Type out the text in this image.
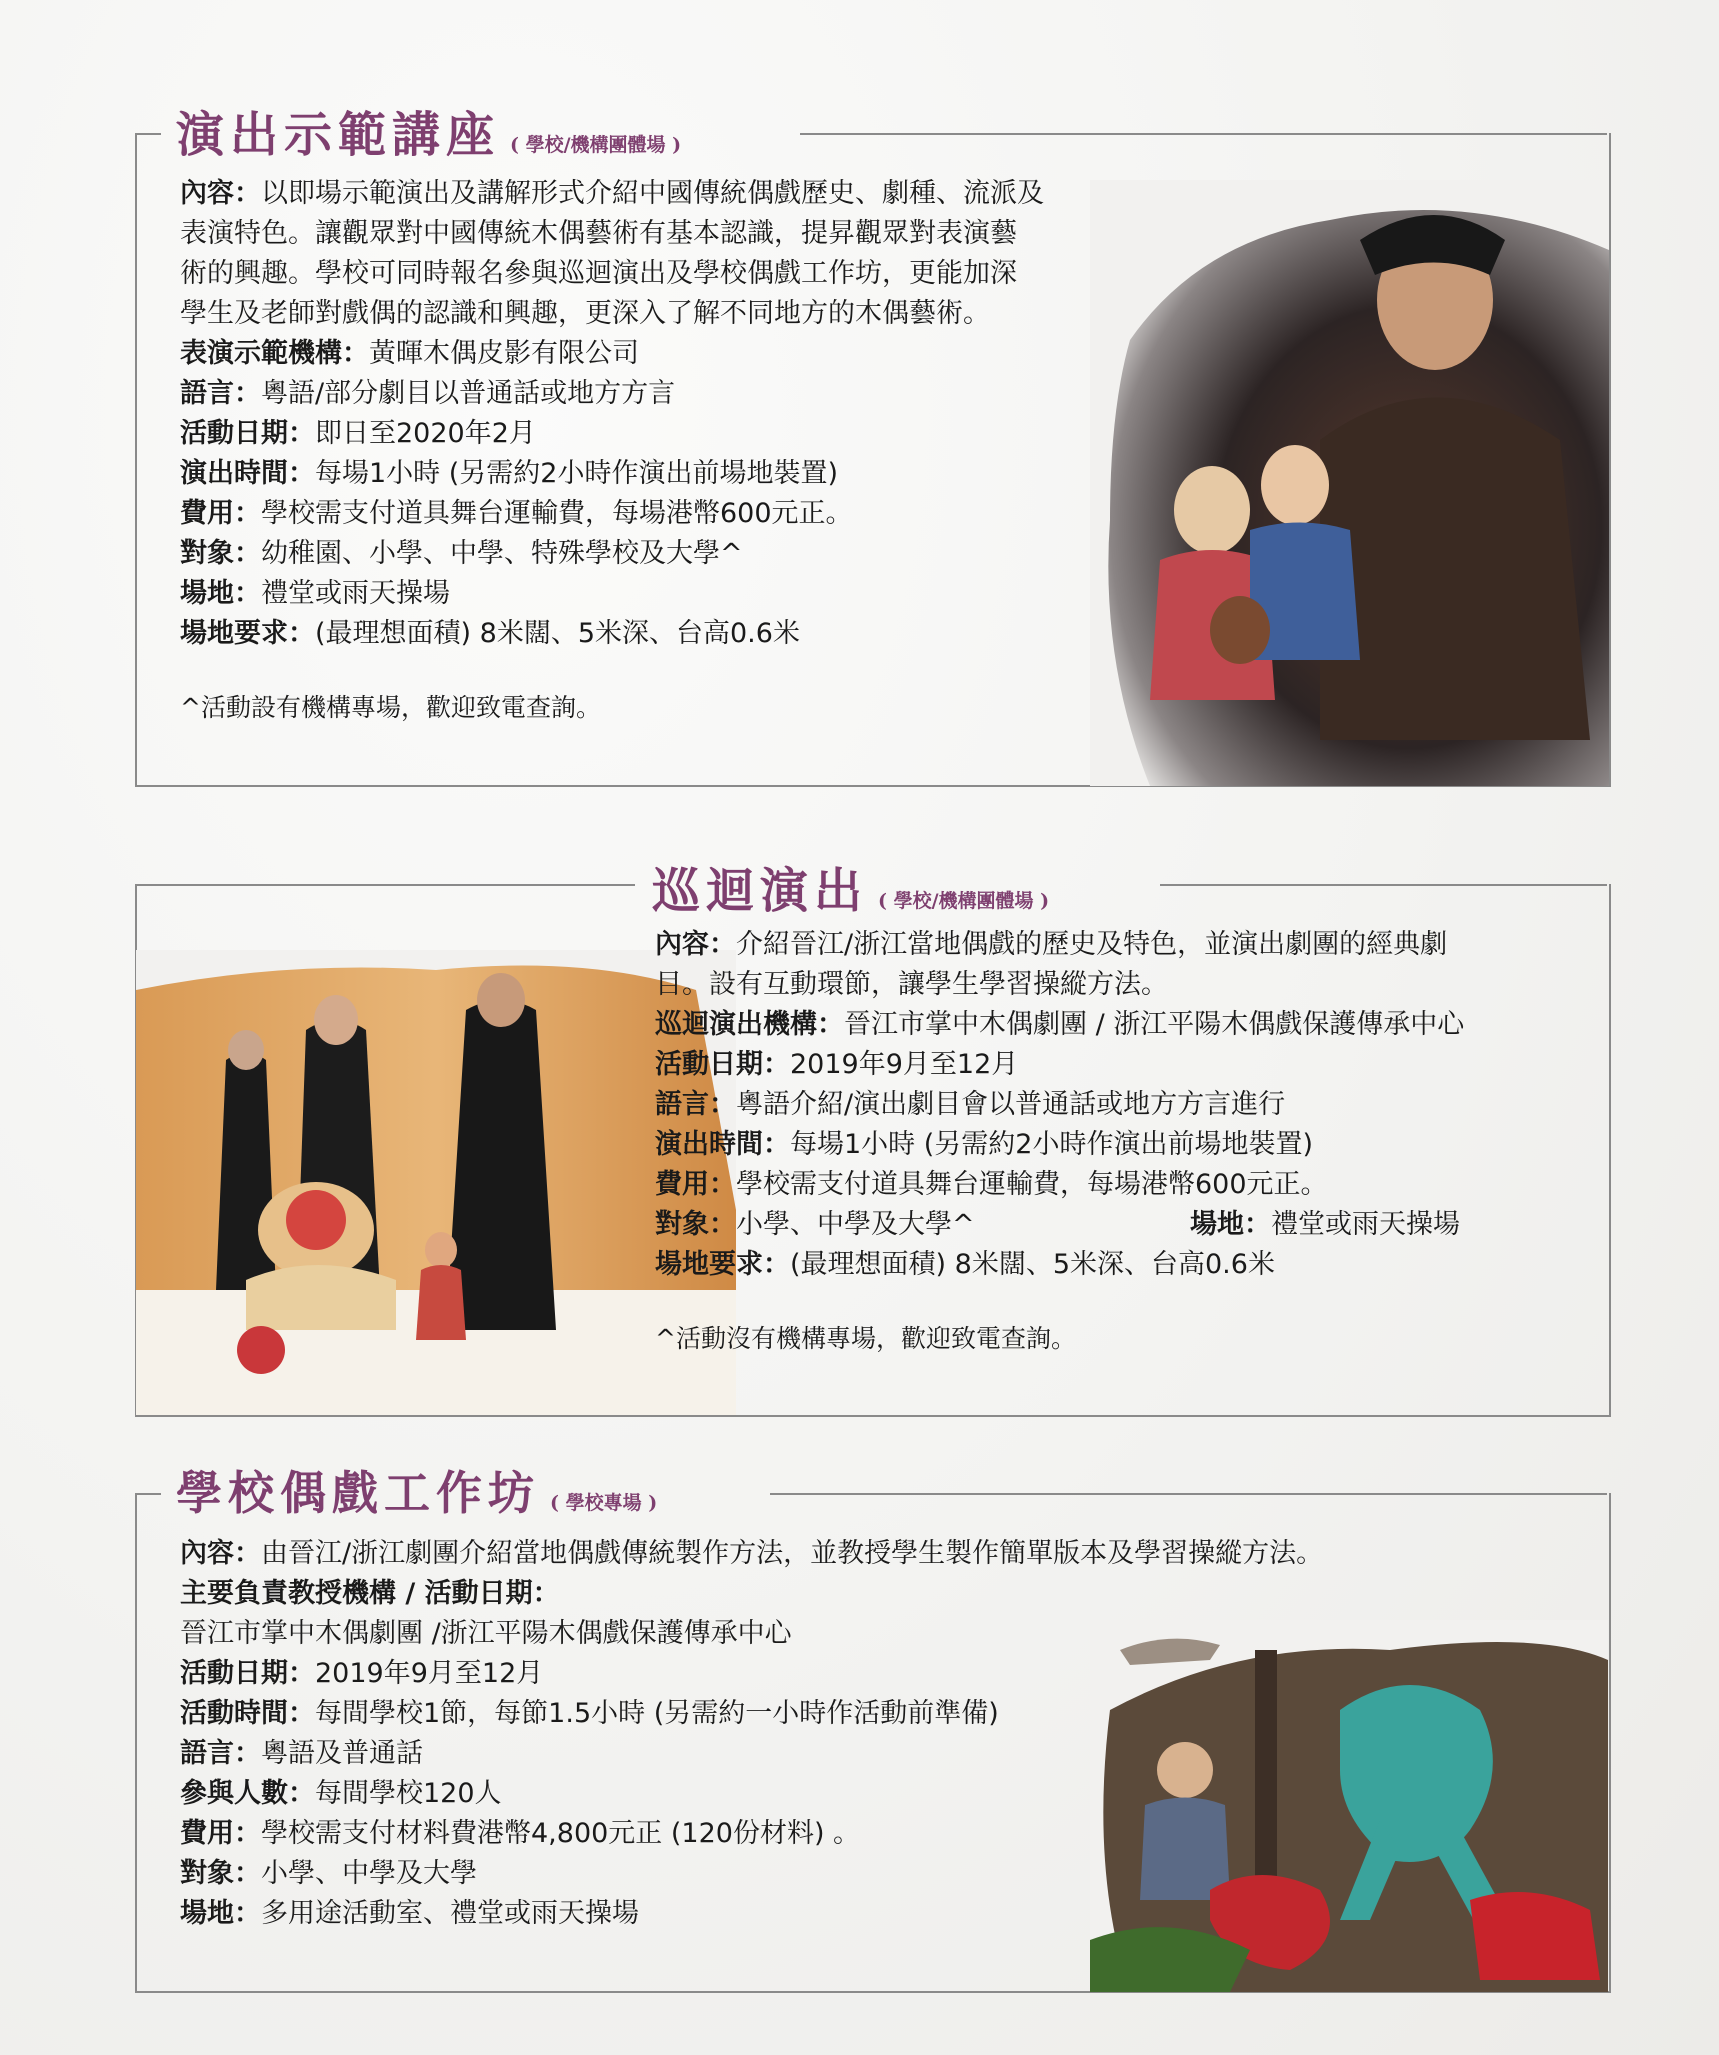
演出示範講座 ( 學校/機構團體場 )

內容：以即場示範演出及講解形式介紹中國傳統偶戲歷史、劇種、流派及

表演特色。讓觀眾對中國傳統木偶藝術有基本認識，提昇觀眾對表演藝

術的興趣。學校可同時報名參與巡迴演出及學校偶戲工作坊，更能加深

學生及老師對戲偶的認識和興趣，更深入了解不同地方的木偶藝術。

表演示範機構：黃暉木偶皮影有限公司

語言：粵語/部分劇目以普通話或地方方言

活動日期：即日至2020年2月

演出時間：每場1小時 (另需約2小時作演出前場地裝置)

費用：學校需支付道具舞台運輸費，每場港幣600元正。

對象：幼稚園、小學、中學、特殊學校及大學^

場地：禮堂或雨天操場

場地要求：(最理想面積) 8米闊、5米深、台高0.6米

^活動設有機構專場，歡迎致電查詢。

巡迴演出 ( 學校/機構團體場 )

內容：介紹晉江/浙江當地偶戲的歷史及特色，並演出劇團的經典劇

目。設有互動環節，讓學生學習操縱方法。

巡迴演出機構：晉江市掌中木偶劇團 / 浙江平陽木偶戲保護傳承中心

活動日期：2019年9月至12月

語言：粵語介紹/演出劇目會以普通話或地方方言進行

演出時間：每場1小時 (另需約2小時作演出前場地裝置)

費用：學校需支付道具舞台運輸費，每場港幣600元正。

對象：小學、中學及大學^	場地：禮堂或雨天操場

場地要求：(最理想面積) 8米闊、5米深、台高0.6米

^活動沒有機構專場，歡迎致電查詢。

學校偶戲工作坊 ( 學校專場 )

內容：由晉江/浙江劇團介紹當地偶戲傳統製作方法，並教授學生製作簡單版本及學習操縱方法。

主要負責教授機構 / 活動日期：

晉江市掌中木偶劇團 /浙江平陽木偶戲保護傳承中心

活動日期：2019年9月至12月

活動時間：每間學校1節，每節1.5小時 (另需約一小時作活動前準備)

語言：粵語及普通話

參與人數：每間學校120人

費用：學校需支付材料費港幣4,800元正 (120份材料) 。

對象：小學、中學及大學

場地：多用途活動室、禮堂或雨天操場
